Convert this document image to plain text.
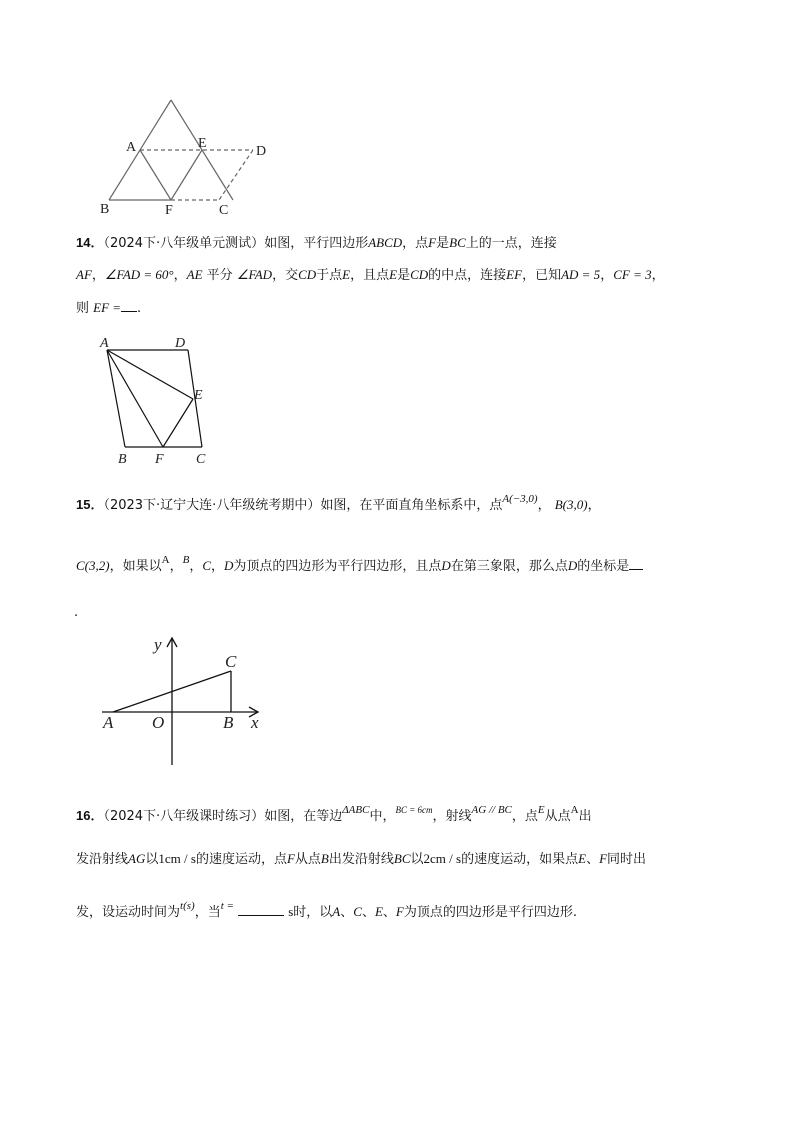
A	E
D
B	F	C
14．（2024下·八年级单元测试）如图，平行四边形ABCD，点F是BC上的一点，连接
AF，∠FAD = 60°，AE 平分 ∠FAD，交CD于点E，且点E是CD的中点，连接EF，已知AD = 5，CF = 3，
则 EF = .
A	D
E
B F C
15．（2023下·辽宁大连·八年级统考期中）如图，在平面直角坐标系中，点$^{A(-3,0)}$， B(3,0)，
C(3,2)，如果以$^A$，$^B$，C，D为顶点的四边形为平行四边形，且点D在第三象限，那么点D的坐标是
.
y
x
C
A O	B
16．（2024下·八年级课时练习）如图，在等边$^{\Delta ABC}$中，$^{BC = 6cm}$，射线$^{AG // BC}$，点$^E$从点$^A$出
发沿射线AG以1cm / s的速度运动，点F从点B出发沿射线BC以2cm / s的速度运动，如果点E、F同时出
发，设运动时间为$^{t(s)}$，当$^{t =}$	s时，以A、C、E、F为顶点的四边形是平行四边形.
